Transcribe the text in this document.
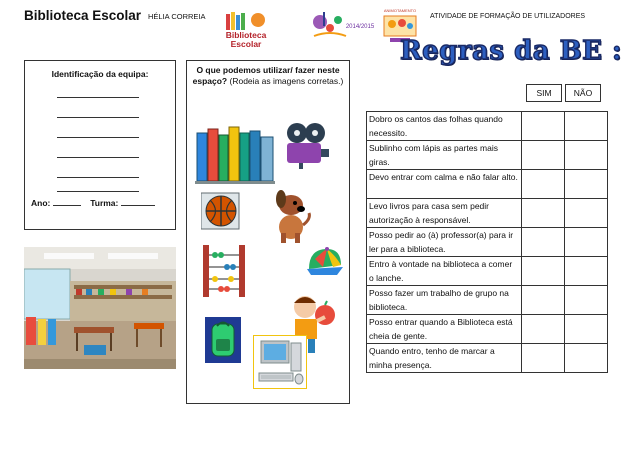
Biblioteca Escolar HÉLIA CORREIA	ATIVIDADE DE FORMAÇÃO DE UTILIZADORES
Biblioteca
Escolar
2014/2015
ANIMOTAMENTO
Regras da BE :
Identificação da equipa:
Ano:	Turma:
O que podemos utilizar/ fazer neste espaço? (Rodeia as imagens corretas.)
SIM	NÃO
Dobro os cantos das folhas quando necessito.		
Sublinho com lápis as partes mais giras.		
Devo entrar com calma e não falar alto.		
Levo livros para casa sem pedir autorização à responsável.		
Posso pedir ao (à) professor(a) para ir ler para a biblioteca.		
Entro à vontade na biblioteca a comer o lanche.		
Posso fazer um trabalho de grupo na biblioteca.		
Posso entrar quando a Biblioteca está cheia de gente.		
Quando entro, tenho de marcar a minha presença.		
